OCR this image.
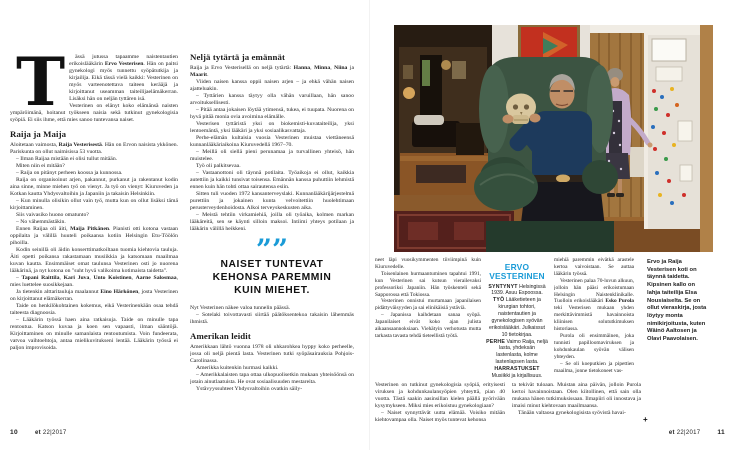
T	ässä jutussa tapaamme naistentautien erikoislääkärin Ervo Vesterisen. Hän on paitsi gynekologi myös tunnettu syöpätutkija ja kirjailija. Eikä tässä vielä kaikki: Vesterinen on myös varteenotettava taiteen kerääjä ja kirjoittanut useamman taiteilijaelämäkerran. Lisäksi hän on neljän tyttären isä.

Vesterinen on elänyt koko elämänsä naisten ympäröimänä, hoitanut työkseen naisia sekä tutkinut gynekologisia syöpiä. Ei siis ihme, että mies sanoo tuntevansa naiset.

Raija ja Maija

Aloitetaan vaimosta, Raija Vesterisestä. Hän on Ervon naisista ykkönen. Pariskunta on ollut naimisissa 53 vuotta.

– Ilman Raijaa mistään ei olisi tullut mitään.

Miten niin ei mitään?

– Raija on pitänyt perheen koossa ja kunnossa.

Raija on organisoinut arjen, pakannut, purkanut ja rakentanut kodin aina sinne, minne miehen työ on vienyt. Ja työ on vienyt: Kiuruveden ja Kotkan kautta Yhdysvaltoihin ja Japaniin ja takaisin Helsinkiin.

– Kun minulla olisikin ollut vain työ, mutta kun on ollut lisäksi tämä kirjoittaminen.

Siis vaivasiko huono omatunto?

– No vähemmästäkin.

Ennen Raijaa oli äiti, Maija Pitkänen. Pianisti otti kotona vastaan oppilaita ja välillä huuteli poikaansa kotiin Helsingin Etu-Töölön pihoilla.

Kodin seinillä oli äidin konserttimatkoiltaan tuomia kiehtovia tauluja. Äiti opetti poikansa rakastamaan musiikkia ja katsomaan maailmaa kuvan kautta. Ensimmäiset omat taulunsa Vesterinen osti jo nuorena lääkärinä, ja nyt kotona on "suht hyvä valikoima kotimaista taidetta".

– Tapani Raittila, Kari Juva, Unto Koistinen, Aarne Salosmaa, mies luettelee suosikkejaan.

Ja tietenkin alttaritauluja maalannut Eino Härkönen, josta Vesterinen on kirjoittanut elämäkerran.

Taide on henkilökohtainen kokemus, eikä Vesterinenkään osaa tehdä taiteesta diagnoosia.

– Lääkärin työssä haen aina ratkaisuja. Taide on minulle tapa rentoutua. Katson kuvaa ja koen sen vapaasti, ilman sääntöjä. Kirjoittaminen on minulle samanlaista rentoutumista. Voin fundeerata, vatvoa vaihtoehtoja, antaa mielikuvitukseni lentää. Lääkärin työssä ei paljon improvisoida.

Neljä tytärtä ja emännät

Raija ja Ervo Vesterisellä on neljä tytärtä: Hanna, Minna, Niina ja Maarit.

Viiden naisen kanssa oppii naisen arjen – ja ehkä vähän naisen ajatteluakin.

– Tyttärien kanssa täytyy olla vähän varuillaan, hän sanoo arvoituksellisesti.

– Pitää antaa jokaisen löytää ytimensä, tukea, ei tuupata. Nuorena on hyvä pitää monia ovia avoimina elämälle.

Vesterisen tyttäristä yksi on biokemisti-kuvataiteilija, yksi lentoemäntä, yksi lääkäri ja yksi sosiaalikasvattaja.

Perhe-elämän kultaisia vuosia Vesterinen muistaa viettäneensä kunnanlääkäriaikoina Kiuruvedellä 1967–70.

– Meillä oli siellä pieni perunamaa ja turvallinen yhteisö, hän muistelee.

Työ oli palkitsevaa.

– Vastaanottoni oli täynnä potilaita. Työaikoja ei ollut, kaikkia autettiin ja kaikki tunsivat toisensa. Emännän kanssa puhuttiin lehmistä ennen kuin hän tohti ottaa sairautensa esiin.

Sitten tuli vuoden 1972 kansanterveyslaki. Kunnanlääkärijärjestelmä purettiin ja jokainen kunta velvoitettiin huolehtimaan perusterveydenhoidosta. Alkoi terveyskeskusten aika.

– Meistä tehtiin virkamiehiä, joilla oli työaika, kolmen markan lääkäreitä, sen se käynti silloin maksoi. Intiimi yhteys potilaan ja lääkärin välillä heikkeni.

””
NAISET TUNTEVAT KEHONSA PAREMMIN KUIN MIEHET.

Nyt Vesterinen näkee valoa tunnelin päässä.

– Sotelaki toivottavasti siirtää päätöksentekoa takaisin lähemmäs ihmistä.

Amerikan leidit

Amerikkaan lähtö vuonna 1978 oli uhkarohkea hyppy koko perheelle, jossa oli neljä pientä lasta. Vesterinen tutki syöpäsairauksia Pohjois-Carolinassa.

Amerikka kuitenkin hurmasi kaikki.

– Amerikkalaisten tapa ottaa ulkopuolisetkin mukaan yhteisöönsä on jotain ainutlaatuista. He ovat sosiaalisuuden mestareita.

Ystävyyssuhteet Yhdysvaltoihin ovatkin säily-

10	et 22|2017
Ervo ja Raija Vesterisen koti on täynnä taidetta. Kipsinen kallo on lahja taiteilija Elsa Nousiaiselta. Se on ollut vieraskirja, josta löytyy monta nimikirjoitusta, kuten Wäinö Aaltosen ja Olavi Paavolaisen.

neet läpi vuosikymmenten tiiviimpinä kuin Kiuruvedelle.

Toisenlainen hurmaantuminen tapahtui 1991, kun Vesterinen sai kutsun vierailevaksi professoriksi Japaniin. Hän työskenteli sekä Sapporossa että Tokiossa.

Vesterinen onnistui murtamaan japanilaisen pidättyväisyyden ja sai elinikäisiä ystäviä.

– Japanissa kaihdetaan sanaa syöpä. Japanilaiset eivät koko ajan julista aikaansaannoksiaan. Viehätyin verhotusta mutta tarkasta tavasta tehdä tieteellistä työtä.

ERVO VESTERINEN

SYNTYNYT Helsingissä 1939. Asuu Espoossa.

TYÖ Lääketieteen ja kirurgian tohtori, naistentautien ja gynekologisen syövän erikoislääkäri. Julkaissut 10 tietokirjaa.

PERHE Vaimo Raija, neljä lasta, yhdeksän lastenlasta, kolme lastenlapsen lasta.

HARRASTUKSET Musiikki ja kirjallisuus.

miehiä paremmin eivätkä arastele kertoa vaivoistaan. Se auttaa lääkärin työssä.

Vesterinen palaa 70-luvun alkuun, jolloin hän pääsi erikoistumaan Helsingin Naistenklinikalle. Tuolloin erikoislääkäri Esko Purola teki Vesterisen mukaan yhden merkittävimmistä havainnoista kliinisen solututkimuksen historiassa.

Purola oli ensimmäinen, joka tunnisti papilloomaviruksen ja kohdunkaulan syövän välisen yhteyden.

– Se oli koeputkien ja pipettien maailma, jonne tietokoneet vas-

Vesterinen on tutkinut gynekologisia syöpiä, erityisesti viruksen ja kohdunkaulansyöpien yhteyttä, pian 40 vuotta. Tästä saakin aasinsillan kielen päällä pyörivään kysymykseen. Miksi mies erikoistuu gynekologiaan?

– Naiset synnyttävät uutta elämää. Voisiko mitään kiehtovampaa olla. Naiset myös tuntevat kehonsa

ta tekivät tuloaan. Muistan aina päivän, jolloin Purola kertoi havainnoistaan. Olen kiitollinen, että sain olla mukana hänen tutkimuksissaan. Ilmapiiri oli innostava ja imaisi minut kiehtovaan maailmaansa.

Tänään valtaosa gynekologisista syövistä havai-

+
et 22|2017	11
